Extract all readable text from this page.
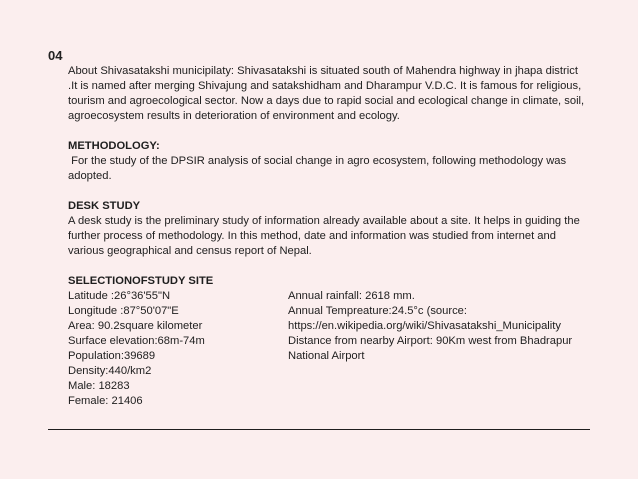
04

About Shivasatakshi municipilaty: Shivasatakshi is situated south of Mahendra highway in jhapa district .It is named after merging Shivajung and satakshidham and Dharampur V.D.C. It is famous for religious, tourism and agroecological sector. Now a days due to rapid social and ecological change in climate, soil, agroecosystem results in deterioration of environment and ecology.

METHODOLOGY:

For the study of the DPSIR analysis of social change in agro ecosystem, following methodology was adopted.

DESK STUDY

A desk study is the preliminary study of information already available about a site. It helps in guiding the further process of methodology. In this method, date and information was studied from internet and various geographical and census report of Nepal.

SELECTIONOFSTUDY SITE

Latitude :26°36'55"N

Longitude :87°50'07"E

Area: 90.2square kilometer

Surface elevation:68m-74m

Population:39689

Density:440/km2

Male: 18283

Female: 21406

Annual rainfall: 2618 mm.

Annual Tempreature:24.5°c (source: https://en.wikipedia.org/wiki/Shivasatakshi_Municipality

Distance from nearby Airport: 90Km west from Bhadrapur National Airport
